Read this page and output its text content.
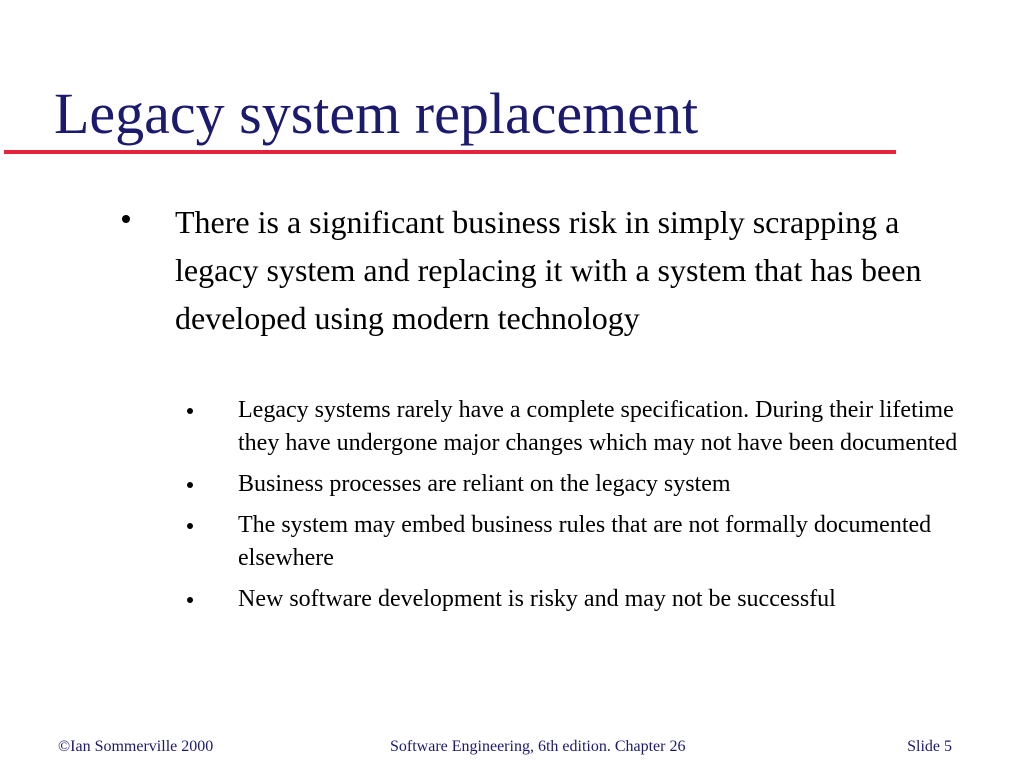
Legacy system replacement

There is a significant business risk in simply scrapping a legacy system and replacing it with a system that has been developed using modern technology

Legacy systems rarely have a complete specification. During their lifetime they have undergone major changes which may not have been documented
Business processes are reliant on the legacy system
The system may embed business rules that are not formally documented elsewhere
New software development is risky and may not be successful
©Ian Sommerville 2000	Software Engineering, 6th edition. Chapter 26	Slide 5
